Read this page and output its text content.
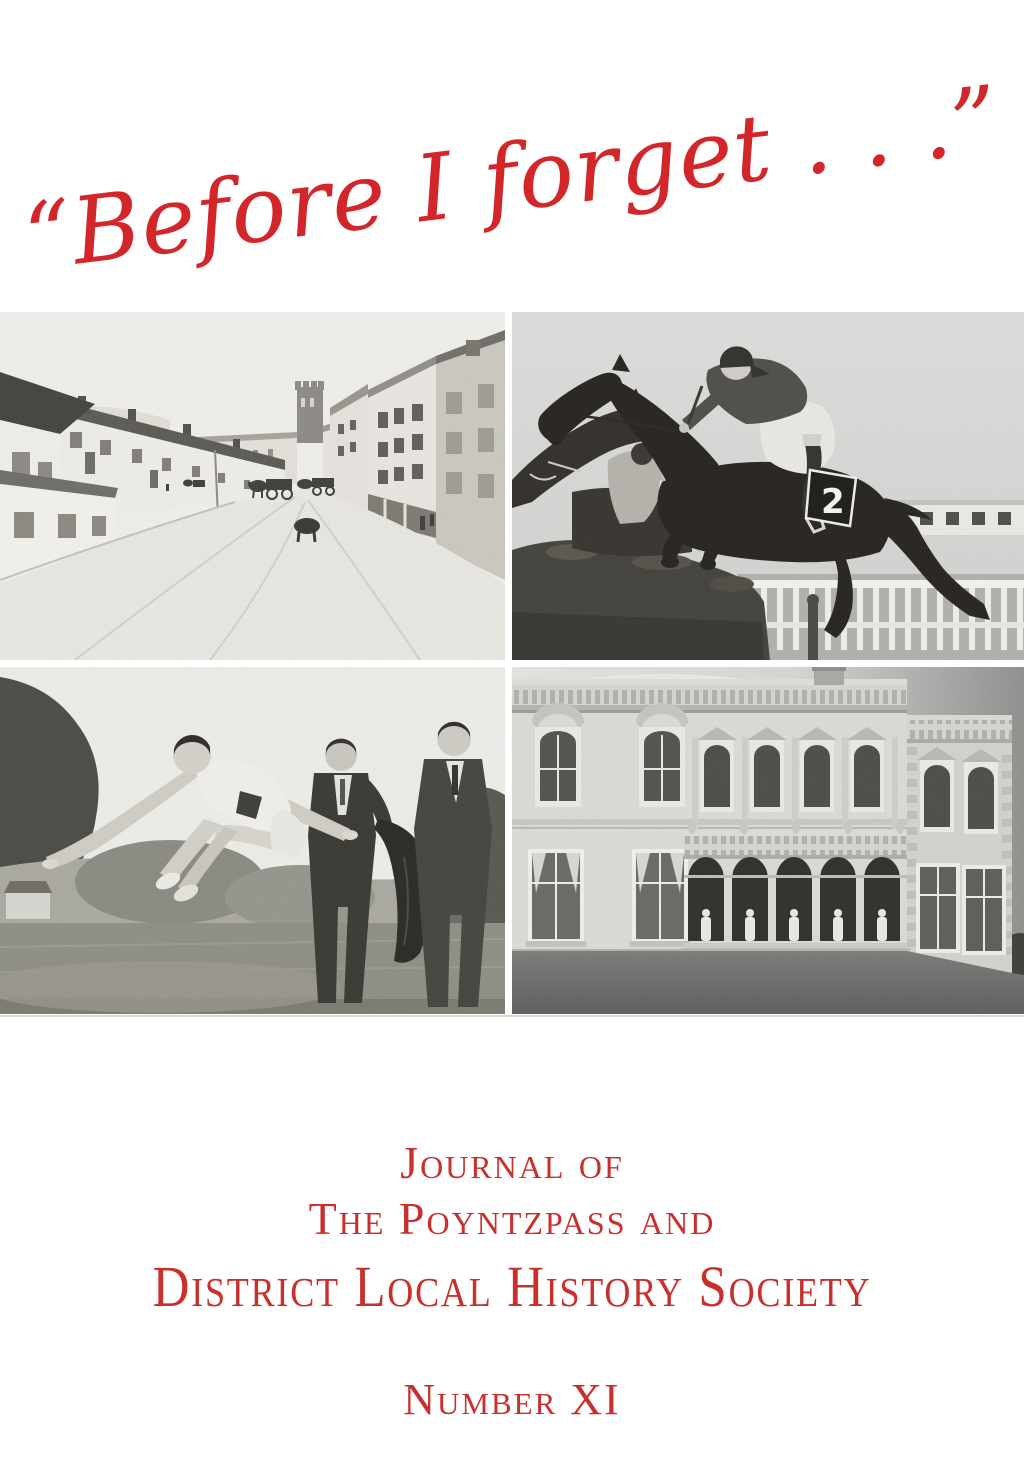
“Before I forget . . .”
2
Journal of
The Poyntzpass and
District Local History Society
Number XI
